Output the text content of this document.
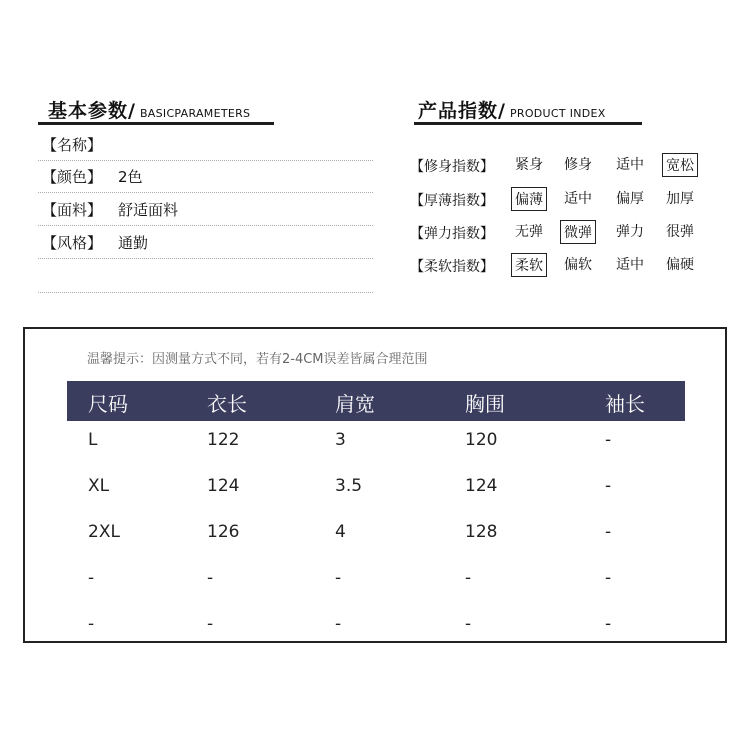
基本参数/ BASICPARAMETERS
【名称】
【颜色】 2色
【面料】 舒适面料
【风格】 通勤
产品指数/ PRODUCT INDEX
【修身指数】 紧身 修身 适中 宽松
【厚薄指数】 偏薄 适中 偏厚 加厚
【弹力指数】 无弹 微弹 弹力 很弹
【柔软指数】 柔软 偏软 适中 偏硬
温馨提示：因测量方式不同，若有2-4CM误差皆属合理范围
尺码	衣长	肩宽	胸围	袖长
L	122	3	120	-
XL	124	3.5	124	-
2XL	126	4	128	-
-	-	-	-	-
-	-	-	-	-
